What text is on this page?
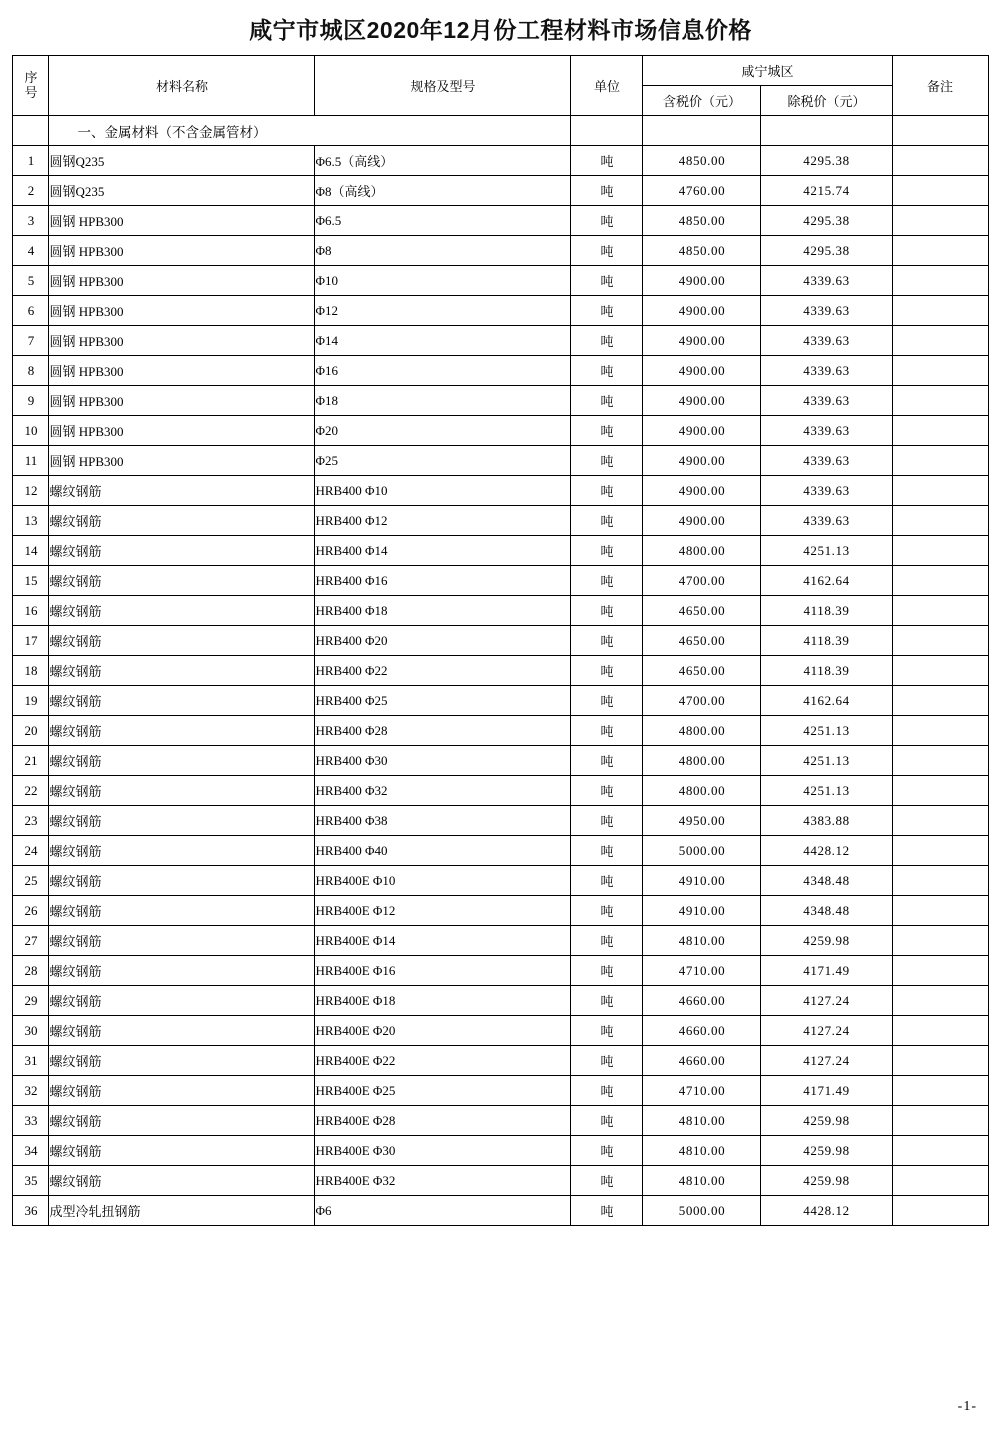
咸宁市城区2020年12月份工程材料市场信息价格
序
号	材料名称	规格及型号	单位	咸宁城区		备注
				含税价（元）	除税价（元）	
	一、金属材料（不含金属管材）					
1	圆钢Q235	Φ6.5（高线）	吨	4850.00	4295.38	
2	圆钢Q235	Φ8（高线）	吨	4760.00	4215.74	
3	圆钢 HPB300	Φ6.5	吨	4850.00	4295.38	
4	圆钢 HPB300	Φ8	吨	4850.00	4295.38	
5	圆钢 HPB300	Φ10	吨	4900.00	4339.63	
6	圆钢 HPB300	Φ12	吨	4900.00	4339.63	
7	圆钢 HPB300	Φ14	吨	4900.00	4339.63	
8	圆钢 HPB300	Φ16	吨	4900.00	4339.63	
9	圆钢 HPB300	Φ18	吨	4900.00	4339.63	
10	圆钢 HPB300	Φ20	吨	4900.00	4339.63	
11	圆钢 HPB300	Φ25	吨	4900.00	4339.63	
12	螺纹钢筋	HRB400 Φ10	吨	4900.00	4339.63	
13	螺纹钢筋	HRB400 Φ12	吨	4900.00	4339.63	
14	螺纹钢筋	HRB400 Φ14	吨	4800.00	4251.13	
15	螺纹钢筋	HRB400 Φ16	吨	4700.00	4162.64	
16	螺纹钢筋	HRB400 Φ18	吨	4650.00	4118.39	
17	螺纹钢筋	HRB400 Φ20	吨	4650.00	4118.39	
18	螺纹钢筋	HRB400 Φ22	吨	4650.00	4118.39	
19	螺纹钢筋	HRB400 Φ25	吨	4700.00	4162.64	
20	螺纹钢筋	HRB400 Φ28	吨	4800.00	4251.13	
21	螺纹钢筋	HRB400 Φ30	吨	4800.00	4251.13	
22	螺纹钢筋	HRB400 Φ32	吨	4800.00	4251.13	
23	螺纹钢筋	HRB400 Φ38	吨	4950.00	4383.88	
24	螺纹钢筋	HRB400 Φ40	吨	5000.00	4428.12	
25	螺纹钢筋	HRB400E Φ10	吨	4910.00	4348.48	
26	螺纹钢筋	HRB400E Φ12	吨	4910.00	4348.48	
27	螺纹钢筋	HRB400E Φ14	吨	4810.00	4259.98	
28	螺纹钢筋	HRB400E Φ16	吨	4710.00	4171.49	
29	螺纹钢筋	HRB400E Φ18	吨	4660.00	4127.24	
30	螺纹钢筋	HRB400E Φ20	吨	4660.00	4127.24	
31	螺纹钢筋	HRB400E Φ22	吨	4660.00	4127.24	
32	螺纹钢筋	HRB400E Φ25	吨	4710.00	4171.49	
33	螺纹钢筋	HRB400E Φ28	吨	4810.00	4259.98	
34	螺纹钢筋	HRB400E Φ30	吨	4810.00	4259.98	
35	螺纹钢筋	HRB400E Φ32	吨	4810.00	4259.98	
36	成型冷轧扭钢筋	Φ6	吨	5000.00	4428.12	
-1-
